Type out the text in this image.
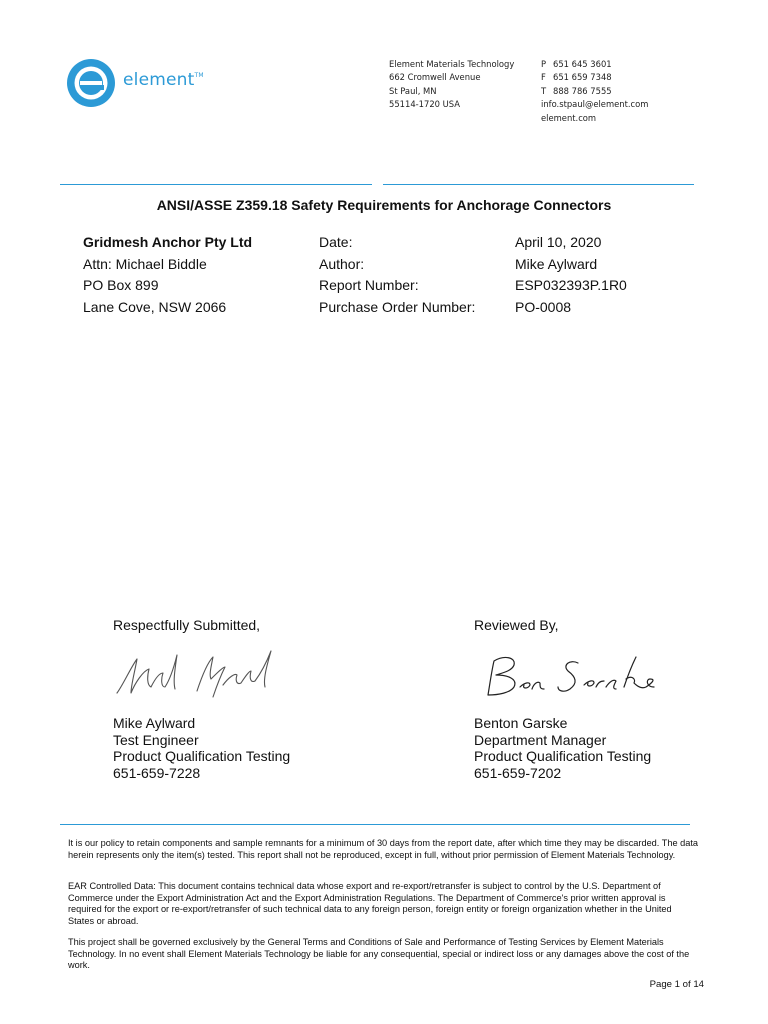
element™
Element Materials Technology
662 Cromwell Avenue
St Paul, MN
55114-1720 USA
P 651 645 3601
F 651 659 7348
T 888 786 7555
info.stpaul@element.com
element.com
ANSI/ASSE Z359.18 Safety Requirements for Anchorage Connectors
Gridmesh Anchor Pty Ltd
Attn: Michael Biddle
PO Box 899
Lane Cove, NSW 2066
Date:
Author:
Report Number:
Purchase Order Number:
April 10, 2020
Mike Aylward
ESP032393P.1R0
PO-0008
Respectfully Submitted,
Mike Aylward
Test Engineer
Product Qualification Testing
651-659-7228
Reviewed By,
Benton Garske
Department Manager
Product Qualification Testing
651-659-7202

It is our policy to retain components and sample remnants for a minimum of 30 days from the report date, after which time they may be discarded. The data herein represents only the item(s) tested. This report shall not be reproduced, except in full, without prior permission of Element Materials Technology.

EAR Controlled Data: This document contains technical data whose export and re-export/retransfer is subject to control by the U.S. Department of Commerce under the Export Administration Act and the Export Administration Regulations. The Department of Commerce's prior written approval is required for the export or re-export/retransfer of such technical data to any foreign person, foreign entity or foreign organization whether in the United States or abroad.

This project shall be governed exclusively by the General Terms and Conditions of Sale and Performance of Testing Services by Element Materials Technology. In no event shall Element Materials Technology be liable for any consequential, special or indirect loss or any damages above the cost of the work.

Page 1 of 14
